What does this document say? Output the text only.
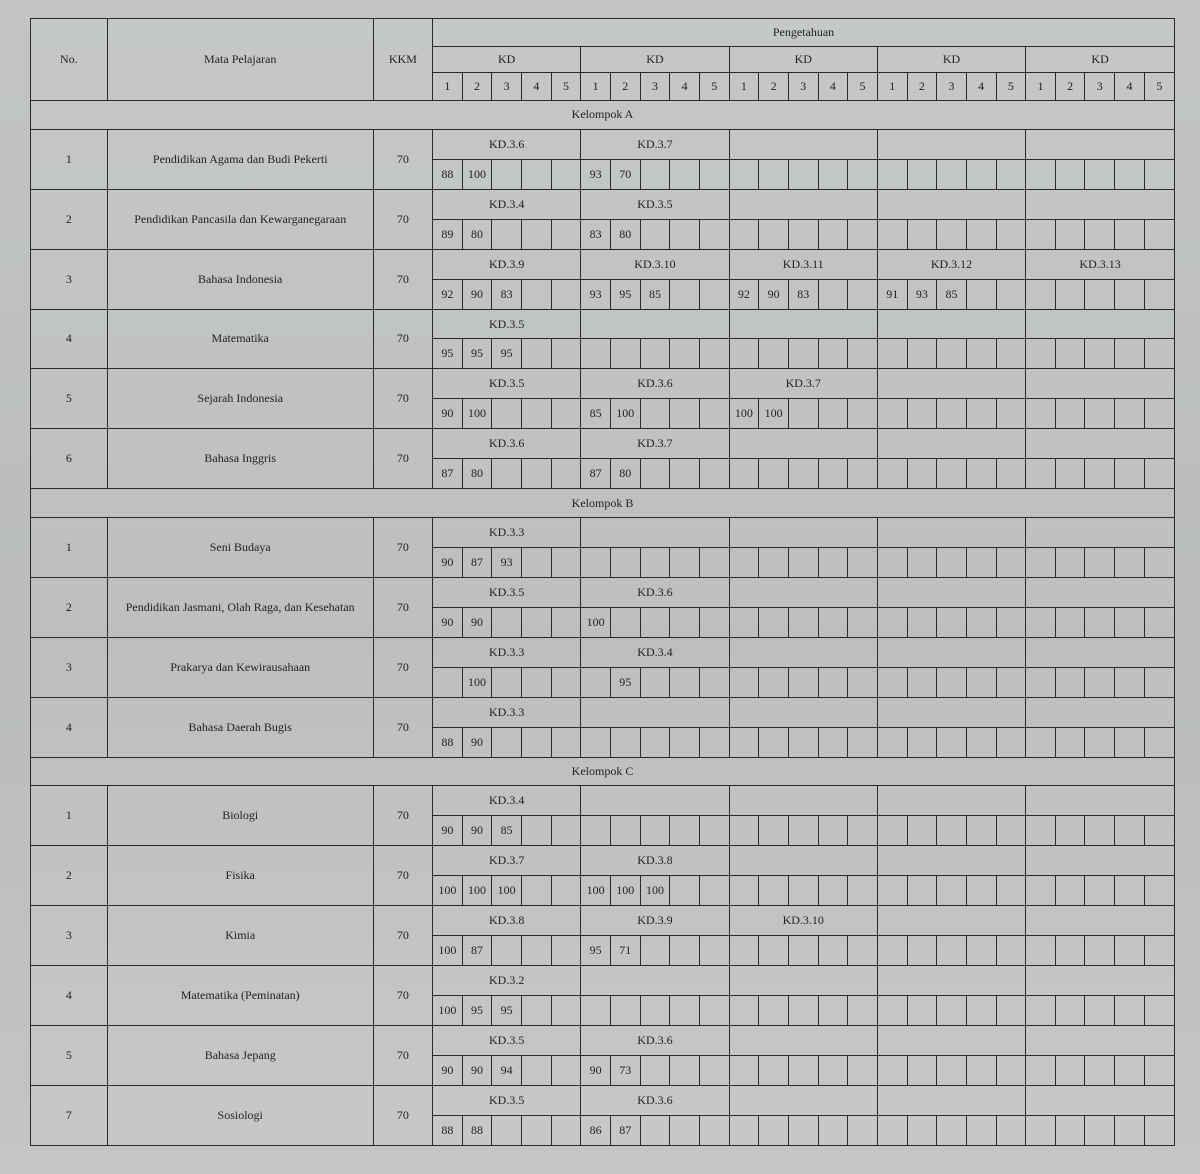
No.	Mata Pelajaran	KKM	Pengetahuan																								
			KD					KD					KD					KD					KD				
			1	2	3	4	5	1	2	3	4	5	1	2	3	4	5	1	2	3	4	5	1	2	3	4	5
Kelompok A																											
1	Pendidikan Agama dan Budi Pekerti	70	KD.3.6					KD.3.7																			
			88	100				93	70																		
2	Pendidikan Pancasila dan Kewarganegaraan	70	KD.3.4					KD.3.5																			
			89	80				83	80																		
3	Bahasa Indonesia	70	KD.3.9					KD.3.10					KD.3.11					KD.3.12					KD.3.13				
			92	90	83			93	95	85			92	90	83			91	93	85							
4	Matematika	70	KD.3.5																								
			95	95	95																						
5	Sejarah Indonesia	70	KD.3.5					KD.3.6					KD.3.7														
			90	100				85	100				100	100													
6	Bahasa Inggris	70	KD.3.6					KD.3.7																			
			87	80				87	80																		
Kelompok B																											
1	Seni Budaya	70	KD.3.3																								
			90	87	93																						
2	Pendidikan Jasmani, Olah Raga, dan Kesehatan	70	KD.3.5					KD.3.6																			
			90	90				100																			
3	Prakarya dan Kewirausahaan	70	KD.3.3					KD.3.4																			
				100					95																		
4	Bahasa Daerah Bugis	70	KD.3.3																								
			88	90																							
Kelompok C																											
1	Biologi	70	KD.3.4																								
			90	90	85																						
2	Fisika	70	KD.3.7					KD.3.8																			
			100	100	100			100	100	100																	
3	Kimia	70	KD.3.8					KD.3.9					KD.3.10														
			100	87				95	71																		
4	Matematika (Peminatan)	70	KD.3.2																								
			100	95	95																						
5	Bahasa Jepang	70	KD.3.5					KD.3.6																			
			90	90	94			90	73																		
7	Sosiologi	70	KD.3.5					KD.3.6																			
			88	88				86	87																		
